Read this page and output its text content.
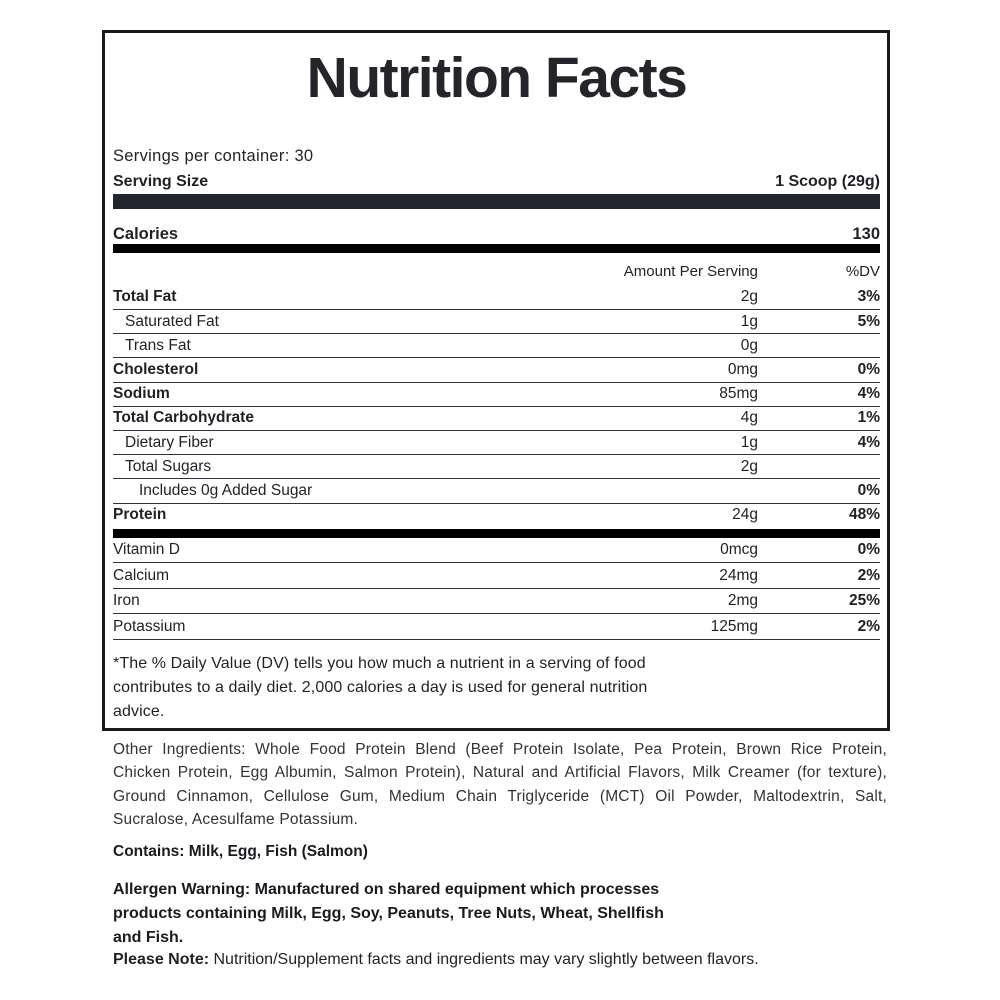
Nutrition Facts
Servings per container: 30
Serving Size	1 Scoop (29g)
Calories	130
Amount Per Serving	%DV
Total Fat	2g	3%
Saturated Fat	1g	5%
Trans Fat	0g
Cholesterol	0mg	0%
Sodium	85mg	4%
Total Carbohydrate	4g	1%
Dietary Fiber	1g	4%
Total Sugars	2g
Includes 0g Added Sugar	0%
Protein	24g	48%
Vitamin D	0mcg	0%
Calcium	24mg	2%
Iron	2mg	25%
Potassium	125mg	2%
*The % Daily Value (DV) tells you how much a nutrient in a serving of food
contributes to a daily diet. 2,000 calories a day is used for general nutrition
advice.
Other Ingredients: Whole Food Protein Blend (Beef Protein Isolate, Pea Protein, Brown Rice Protein,
Chicken Protein, Egg Albumin, Salmon Protein), Natural and Artificial Flavors, Milk Creamer (for texture),
Ground Cinnamon, Cellulose Gum, Medium Chain Triglyceride (MCT) Oil Powder, Maltodextrin, Salt,
Sucralose, Acesulfame Potassium.
Contains: Milk, Egg, Fish (Salmon)
Allergen Warning: Manufactured on shared equipment which processes
products containing Milk, Egg, Soy, Peanuts, Tree Nuts, Wheat, Shellfish
and Fish.
Please Note: Nutrition/Supplement facts and ingredients may vary slightly between flavors.
